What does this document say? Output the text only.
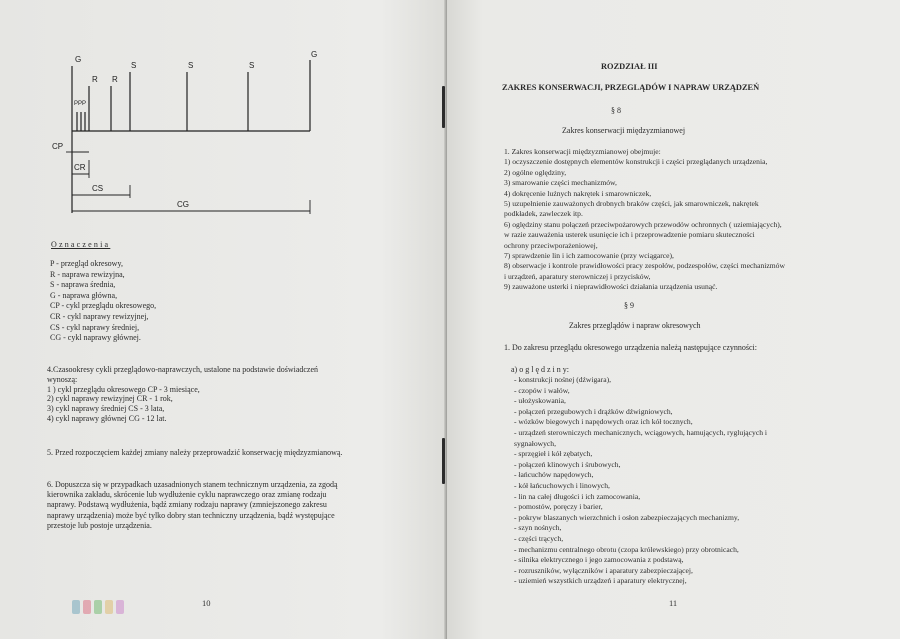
G
R R
S	S	S
G
PPP
CP
CR
CS
CG
Oznaczenia
P - przegląd okresowy,
R - naprawa rewizyjna,
S - naprawa średnia,
G - naprawa główna,
CP - cykl przeglądu okresowego,
CR - cykl naprawy rewizyjnej,
CS - cykl naprawy średniej,
CG - cykl naprawy głównej.
4.Czasookresy cykli przeglądowo-naprawczych, ustalone na podstawie doświadczeń
wynoszą:
1 ) cykl przeglądu okresowego CP - 3 miesiące,
2) cykl naprawy rewizyjnej CR - 1 rok,
3) cykl naprawy średniej CS - 3 lata,
4) cykl naprawy głównej CG - 12 lat.
5. Przed rozpoczęciem każdej zmiany należy przeprowadzić konserwację międzyzmianową.
6. Dopuszcza się w przypadkach uzasadnionych stanem technicznym urządzenia, za zgodą
kierownika zakładu, skrócenie lub wydłużenie cyklu naprawczego oraz zmianę rodzaju
naprawy. Podstawą wydłużenia, bądź zmiany rodzaju naprawy (zmniejszonego zakresu
naprawy urządzenia) może być tylko dobry stan techniczny urządzenia, bądź występujące
przestoje lub postoje urządzenia.
10
ROZDZIAŁ III
ZAKRES KONSERWACJI, PRZEGLĄDÓW I NAPRAW URZĄDZEŃ
§ 8
Zakres konserwacji międzyzmianowej
1. Zakres konserwacji międzyzmianowej obejmuje:
1) oczyszczenie dostępnych elementów konstrukcji i części przeglądanych urządzenia,
2) ogólne oględziny,
3) smarowanie części mechanizmów,
4) dokręcenie luźnych nakrętek i smarowniczek,
5) uzupełnienie zauważonych drobnych braków części, jak smarowniczek, nakrętek
podkładek, zawleczek itp.
6) oględziny stanu połączeń przeciwpożarowych przewodów ochronnych ( uziemiających),
w razie zauważenia usterek usunięcie ich i przeprowadzenie pomiaru skuteczności
ochrony przeciwporażeniowej,
7) sprawdzenie lin i ich zamocowanie (przy wciągarce),
8) obserwacje i kontrole prawidłowości pracy zespołów, podzespołów, części mechanizmów
i urządzeń, aparatury sterowniczej i przycisków,
9) zauważone usterki i nieprawidłowości działania urządzenia usunąć.
§ 9
Zakres przeglądów i napraw okresowych
1. Do zakresu przeglądu okresowego urządzenia należą następujące czynności:
a) o g l ę d z i n y:
- konstrukcji nośnej (dźwigara),
- czopów i wałów,
- ułożyskowania,
- połączeń przegubowych i drążków dźwigniowych,
- wózków biegowych i napędowych oraz ich kół tocznych,
- urządzeń sterowniczych mechanicznych, wciągowych, hamujących, ryglujących i
sygnałowych,
- sprzęgieł i kół zębatych,
- połączeń klinowych i śrubowych,
- łańcuchów napędowych,
- kół łańcuchowych i linowych,
- lin na całej długości i ich zamocowania,
- pomostów, poręczy i barier,
- pokryw blaszanych wierzchnich i osłon zabezpieczających mechanizmy,
- szyn nośnych,
- części trących,
- mechanizmu centralnego obrotu (czopa królewskiego) przy obrotnicach,
- silnika elektrycznego i jego zamocowania z podstawą,
- rozruszników, wyłączników i aparatury zabezpieczającej,
- uziemień wszystkich urządzeń i aparatury elektrycznej,
11
